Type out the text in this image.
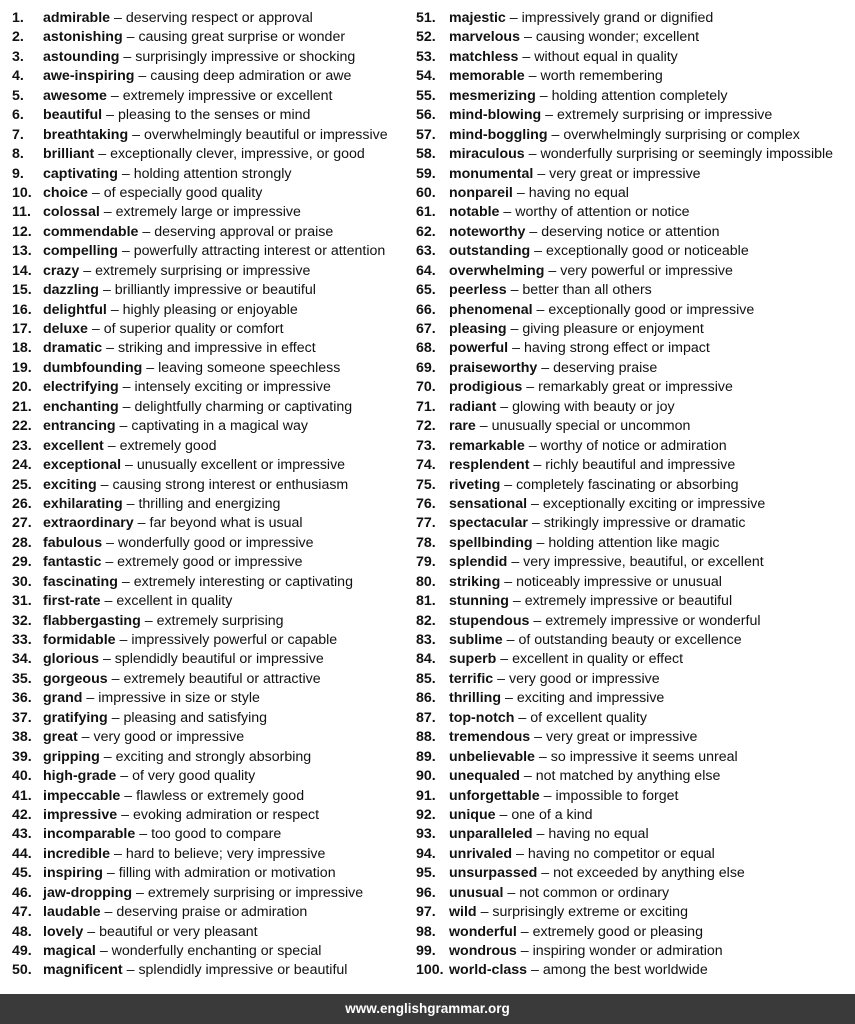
1.	admirable – deserving respect or approval
2.	astonishing – causing great surprise or wonder
3.	astounding – surprisingly impressive or shocking
4.	awe-inspiring – causing deep admiration or awe
5.	awesome – extremely impressive or excellent
6.	beautiful – pleasing to the senses or mind
7.	breathtaking – overwhelmingly beautiful or impressive
8.	brilliant – exceptionally clever, impressive, or good
9.	captivating – holding attention strongly
10. choice – of especially good quality
11. colossal – extremely large or impressive
12. commendable – deserving approval or praise
13. compelling – powerfully attracting interest or attention
14. crazy – extremely surprising or impressive
15. dazzling – brilliantly impressive or beautiful
16. delightful – highly pleasing or enjoyable
17. deluxe – of superior quality or comfort
18. dramatic – striking and impressive in effect
19. dumbfounding – leaving someone speechless
20. electrifying – intensely exciting or impressive
21. enchanting – delightfully charming or captivating
22. entrancing – captivating in a magical way
23. excellent – extremely good
24. exceptional – unusually excellent or impressive
25. exciting – causing strong interest or enthusiasm
26. exhilarating – thrilling and energizing
27. extraordinary – far beyond what is usual
28. fabulous – wonderfully good or impressive
29. fantastic – extremely good or impressive
30. fascinating – extremely interesting or captivating
31. first-rate – excellent in quality
32. flabbergasting – extremely surprising
33. formidable – impressively powerful or capable
34. glorious – splendidly beautiful or impressive
35. gorgeous – extremely beautiful or attractive
36. grand – impressive in size or style
37. gratifying – pleasing and satisfying
38. great – very good or impressive
39. gripping – exciting and strongly absorbing
40. high-grade – of very good quality
41. impeccable – flawless or extremely good
42. impressive – evoking admiration or respect
43. incomparable – too good to compare
44. incredible – hard to believe; very impressive
45. inspiring – filling with admiration or motivation
46. jaw-dropping – extremely surprising or impressive
47. laudable – deserving praise or admiration
48. lovely – beautiful or very pleasant
49. magical – wonderfully enchanting or special
50. magnificent – splendidly impressive or beautiful
51. majestic – impressively grand or dignified
52. marvelous – causing wonder; excellent
53. matchless – without equal in quality
54. memorable – worth remembering
55. mesmerizing – holding attention completely
56. mind-blowing – extremely surprising or impressive
57. mind-boggling – overwhelmingly surprising or complex
58. miraculous – wonderfully surprising or seemingly impossible
59. monumental – very great or impressive
60. nonpareil – having no equal
61. notable – worthy of attention or notice
62. noteworthy – deserving notice or attention
63. outstanding – exceptionally good or noticeable
64. overwhelming – very powerful or impressive
65. peerless – better than all others
66. phenomenal – exceptionally good or impressive
67. pleasing – giving pleasure or enjoyment
68. powerful – having strong effect or impact
69. praiseworthy – deserving praise
70. prodigious – remarkably great or impressive
71. radiant – glowing with beauty or joy
72. rare – unusually special or uncommon
73. remarkable – worthy of notice or admiration
74. resplendent – richly beautiful and impressive
75. riveting – completely fascinating or absorbing
76. sensational – exceptionally exciting or impressive
77. spectacular – strikingly impressive or dramatic
78. spellbinding – holding attention like magic
79. splendid – very impressive, beautiful, or excellent
80. striking – noticeably impressive or unusual
81. stunning – extremely impressive or beautiful
82. stupendous – extremely impressive or wonderful
83. sublime – of outstanding beauty or excellence
84. superb – excellent in quality or effect
85. terrific – very good or impressive
86. thrilling – exciting and impressive
87. top-notch – of excellent quality
88. tremendous – very great or impressive
89. unbelievable – so impressive it seems unreal
90. unequaled – not matched by anything else
91. unforgettable – impossible to forget
92. unique – one of a kind
93. unparalleled – having no equal
94. unrivaled – having no competitor or equal
95. unsurpassed – not exceeded by anything else
96. unusual – not common or ordinary
97. wild – surprisingly extreme or exciting
98. wonderful – extremely good or pleasing
99. wondrous – inspiring wonder or admiration
100. world-class – among the best worldwide
www.englishgrammar.org
